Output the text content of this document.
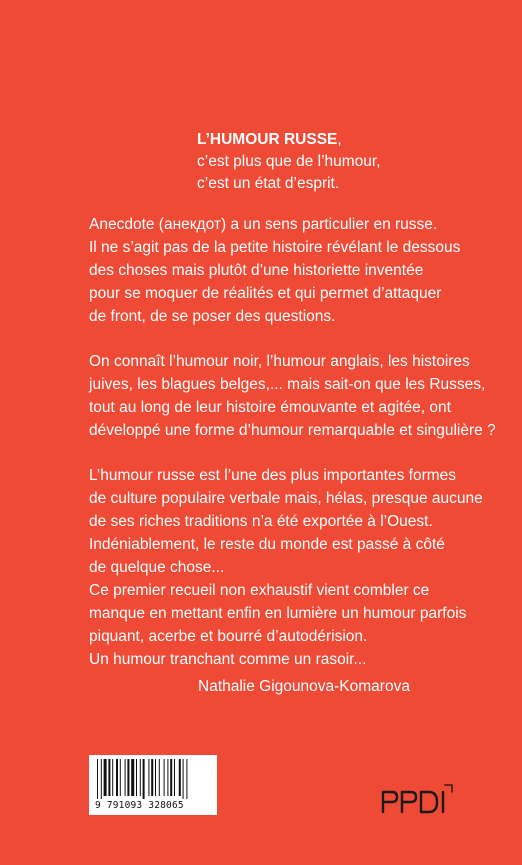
L’HUMOUR RUSSE,
c’est plus que de l’humour,
c’est un état d’esprit.

Anecdote (анекдот) a un sens particulier en russe.
Il ne s’agit pas de la petite histoire révélant le dessous
des choses mais plutôt d’une historiette inventée
pour se moquer de réalités et qui permet d’attaquer
de front, de se poser des questions.

On connaît l’humour noir, l’humour anglais, les histoires
juives, les blagues belges,... mais sait-on que les Russes,
tout au long de leur histoire émouvante et agitée, ont
développé une forme d’humour remarquable et singulière ?

L’humour russe est l’une des plus importantes formes
de culture populaire verbale mais, hélas, presque aucune
de ses riches traditions n’a été exportée à l’Ouest.
Indéniablement, le reste du monde est passé à côté
de quelque chose...
Ce premier recueil non exhaustif vient combler ce
manque en mettant enfin en lumière un humour parfois
piquant, acerbe et bourré d’autodérision.
Un humour tranchant comme un rasoir...

Nathalie Gigounova-Komarova
9 791093 328065
